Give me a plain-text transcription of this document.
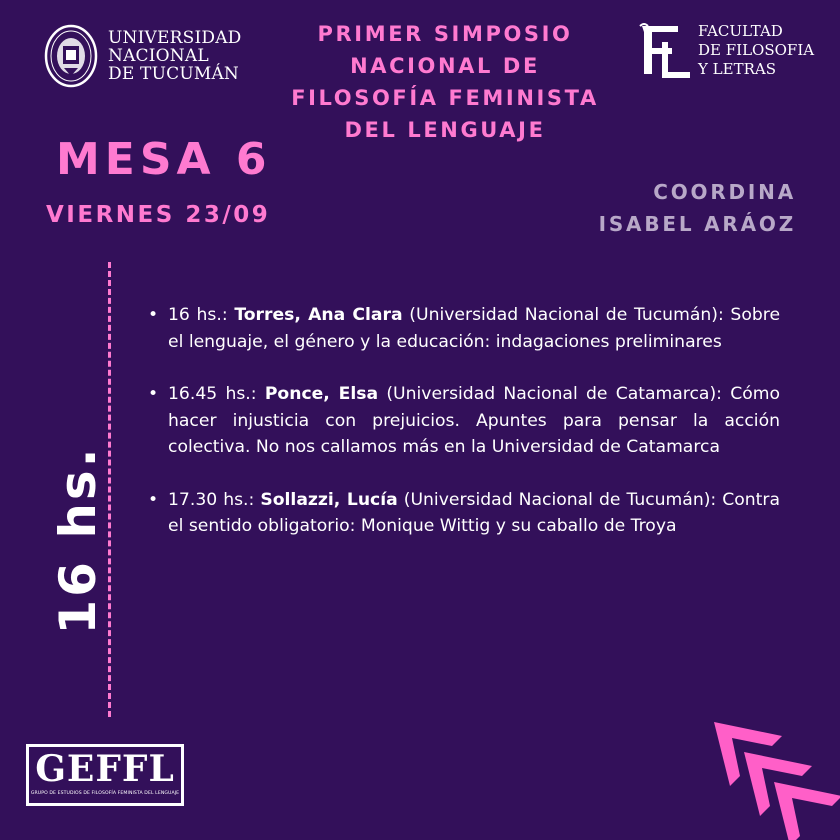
UNIVERSIDAD
NACIONAL
DE TUCUMÁN
PRIMER SIMPOSIO
NACIONAL DE
FILOSOFÍA FEMINISTA
DEL LENGUAJE
FACULTAD
DE FILOSOFIA
Y LETRAS
MESA 6
VIERNES 23/09
COORDINA
ISABEL ARÁOZ
16 hs.
• 16 hs.: Torres, Ana Clara (Universidad Nacional de Tucumán): Sobre el lenguaje, el género y la educación: indagaciones preliminares
• 16.45 hs.: Ponce, Elsa (Universidad Nacional de Catamarca): Cómo hacer injusticia con prejuicios. Apuntes para pensar la acción colectiva. No nos callamos más en la Universidad de Catamarca
• 17.30 hs.: Sollazzi, Lucía (Universidad Nacional de Tucumán): Contra el sentido obligatorio: Monique Wittig y su caballo de Troya
GEFFL
GRUPO DE ESTUDIOS DE FILOSOFÍA FEMINISTA DEL LENGUAJE
